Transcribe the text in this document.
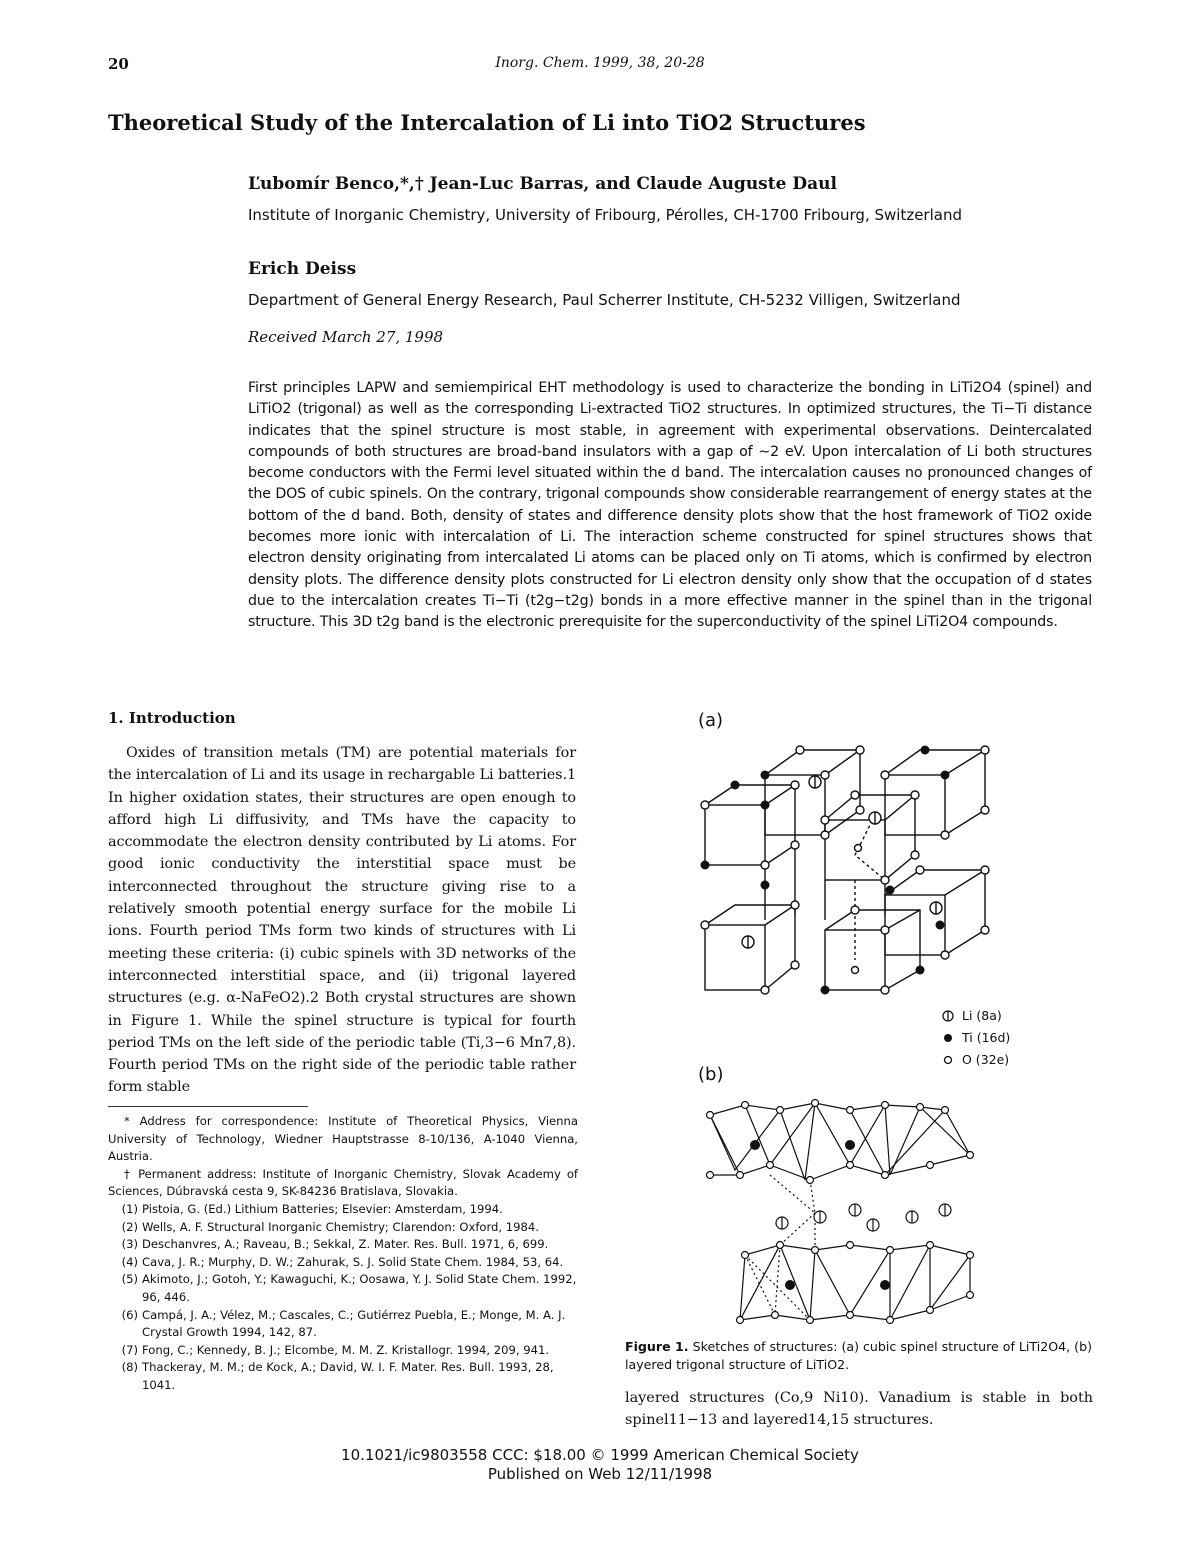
20	Inorg. Chem. 1999, 38, 20-28
Theoretical Study of the Intercalation of Li into TiO2 Structures
Ľubomír Benco,*,† Jean-Luc Barras, and Claude Auguste Daul
Institute of Inorganic Chemistry, University of Fribourg, Pérolles, CH-1700 Fribourg, Switzerland
Erich Deiss
Department of General Energy Research, Paul Scherrer Institute, CH-5232 Villigen, Switzerland
Received March 27, 1998
First principles LAPW and semiempirical EHT methodology is used to characterize the bonding in LiTi2O4 (spinel) and LiTiO2 (trigonal) as well as the corresponding Li-extracted TiO2 structures. In optimized structures, the Ti−Ti distance indicates that the spinel structure is most stable, in agreement with experimental observations. Deintercalated compounds of both structures are broad-band insulators with a gap of ∼2 eV. Upon intercalation of Li both structures become conductors with the Fermi level situated within the d band. The intercalation causes no pronounced changes of the DOS of cubic spinels. On the contrary, trigonal compounds show considerable rearrangement of energy states at the bottom of the d band. Both, density of states and difference density plots show that the host framework of TiO2 oxide becomes more ionic with intercalation of Li. The interaction scheme constructed for spinel structures shows that electron density originating from intercalated Li atoms can be placed only on Ti atoms, which is confirmed by electron density plots. The difference density plots constructed for Li electron density only show that the occupation of d states due to the intercalation creates Ti−Ti (t2g−t2g) bonds in a more effective manner in the spinel than in the trigonal structure. This 3D t2g band is the electronic prerequisite for the superconductivity of the spinel LiTi2O4 compounds.
1. Introduction
Oxides of transition metals (TM) are potential materials for the intercalation of Li and its usage in rechargable Li batteries.1 In higher oxidation states, their structures are open enough to afford high Li diffusivity, and TMs have the capacity to accommodate the electron density contributed by Li atoms. For good ionic conductivity the interstitial space must be interconnected throughout the structure giving rise to a relatively smooth potential energy surface for the mobile Li ions. Fourth period TMs form two kinds of structures with Li meeting these criteria: (i) cubic spinels with 3D networks of the interconnected interstitial space, and (ii) trigonal layered structures (e.g. α-NaFeO2).2 Both crystal structures are shown in Figure 1. While the spinel structure is typical for fourth period TMs on the left side of the periodic table (Ti,3−6 Mn7,8). Fourth period TMs on the right side of the periodic table rather form stable
* Address for correspondence: Institute of Theoretical Physics, Vienna University of Technology, Wiedner Hauptstrasse 8-10/136, A-1040 Vienna, Austria.
† Permanent address: Institute of Inorganic Chemistry, Slovak Academy of Sciences, Dúbravská cesta 9, SK-84236 Bratislava, Slovakia.
(1) Pistoia, G. (Ed.) Lithium Batteries; Elsevier: Amsterdam, 1994.
(2) Wells, A. F. Structural Inorganic Chemistry; Clarendon: Oxford, 1984.
(3) Deschanvres, A.; Raveau, B.; Sekkal, Z. Mater. Res. Bull. 1971, 6, 699.
(4) Cava, J. R.; Murphy, D. W.; Zahurak, S. J. Solid State Chem. 1984, 53, 64.
(5) Akimoto, J.; Gotoh, Y.; Kawaguchi, K.; Oosawa, Y. J. Solid State Chem. 1992, 96, 446.
(6) Campá, J. A.; Vélez, M.; Cascales, C.; Gutiérrez Puebla, E.; Monge, M. A. J. Crystal Growth 1994, 142, 87.
(7) Fong, C.; Kennedy, B. J.; Elcombe, M. M. Z. Kristallogr. 1994, 209, 941.
(8) Thackeray, M. M.; de Kock, A.; David, W. I. F. Mater. Res. Bull. 1993, 28, 1041.
(a)
Li (8a)
Ti (16d)
O (32e)
(b)
Figure 1. Sketches of structures: (a) cubic spinel structure of LiTi2O4, (b) layered trigonal structure of LiTiO2.
layered structures (Co,9 Ni10). Vanadium is stable in both spinel11−13 and layered14,15 structures.
10.1021/ic9803558 CCC: $18.00 © 1999 American Chemical Society
Published on Web 12/11/1998
